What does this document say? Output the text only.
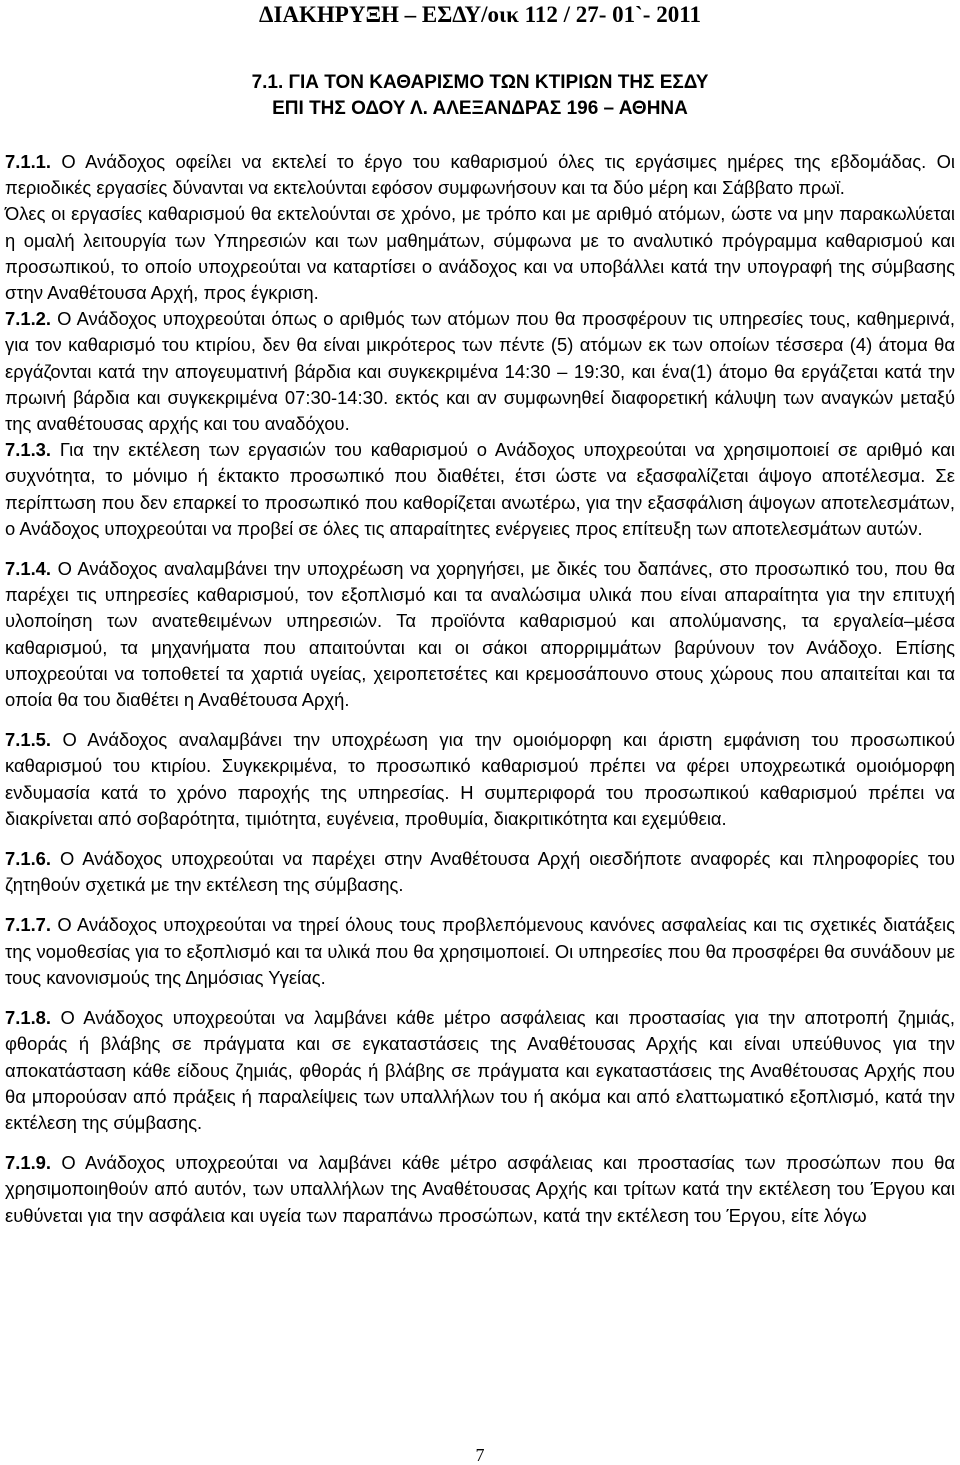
ΔΙΑΚΗΡΥΞΗ – ΕΣΔΥ/οικ 112 / 27- 01`- 2011
7.1. ΓΙΑ ΤΟΝ ΚΑΘΑΡΙΣΜΟ ΤΩΝ ΚΤΙΡΙΩΝ ΤΗΣ ΕΣΔΥ
ΕΠΙ ΤΗΣ ΟΔΟΥ Λ. ΑΛΕΞΑΝΔΡΑΣ 196 – ΑΘΗΝΑ

7.1.1. Ο Ανάδοχος οφείλει να εκτελεί το έργο του καθαρισμού όλες τις εργάσιμες ημέρες της εβδομάδας. Οι περιοδικές εργασίες δύνανται να εκτελούνται εφόσον συμφωνήσουν και τα δύο μέρη και Σάββατο πρωϊ.

Όλες οι εργασίες καθαρισμού θα εκτελούνται σε χρόνο, με τρόπο και με αριθμό ατόμων, ώστε να μην παρακωλύεται η ομαλή λειτουργία των Υπηρεσιών και των μαθημάτων, σύμφωνα με το αναλυτικό πρόγραμμα καθαρισμού και προσωπικού, το οποίο υποχρεούται να καταρτίσει ο ανάδοχος και να υποβάλλει κατά την υπογραφή της σύμβασης στην Αναθέτουσα Αρχή, προς έγκριση.

7.1.2. Ο Ανάδοχος υποχρεούται όπως ο αριθμός των ατόμων που θα προσφέρουν τις υπηρεσίες τους, καθημερινά, για τον καθαρισμό του κτιρίου, δεν θα είναι μικρότερος των πέντε (5) ατόμων εκ των οποίων τέσσερα (4) άτομα θα εργάζονται κατά την απογευματινή βάρδια και συγκεκριμένα 14:30 – 19:30, και ένα(1) άτομο θα εργάζεται κατά την πρωινή βάρδια και συγκεκριμένα 07:30-14:30. εκτός και αν συμφωνηθεί διαφορετική κάλυψη των αναγκών μεταξύ της αναθέτουσας αρχής και του αναδόχου.

7.1.3. Για την εκτέλεση των εργασιών του καθαρισμού ο Ανάδοχος υποχρεούται να χρησιμοποιεί σε αριθμό και συχνότητα, το μόνιμο ή έκτακτο προσωπικό που διαθέτει, έτσι ώστε να εξασφαλίζεται άψογο αποτέλεσμα. Σε περίπτωση που δεν επαρκεί το προσωπικό που καθορίζεται ανωτέρω, για την εξασφάλιση άψογων αποτελεσμάτων, ο Ανάδοχος υποχρεούται να προβεί σε όλες τις απαραίτητες ενέργειες προς επίτευξη των αποτελεσμάτων αυτών.

7.1.4. Ο Ανάδοχος αναλαμβάνει την υποχρέωση να χορηγήσει, με δικές του δαπάνες, στο προσωπικό του, που θα παρέχει τις υπηρεσίες καθαρισμού, τον εξοπλισμό και τα αναλώσιμα υλικά που είναι απαραίτητα για την επιτυχή υλοποίηση των ανατεθειμένων υπηρεσιών. Τα προϊόντα καθαρισμού και απολύμανσης, τα εργαλεία–μέσα καθαρισμού, τα μηχανήματα που απαιτούνται και οι σάκοι απορριμμάτων βαρύνουν τον Ανάδοχο. Επίσης υποχρεούται να τοποθετεί τα χαρτιά υγείας, χειροπετσέτες και κρεμοσάπουνο στους χώρους που απαιτείται και τα οποία θα του διαθέτει η Αναθέτουσα Αρχή.

7.1.5. Ο Ανάδοχος αναλαμβάνει την υποχρέωση για την ομοιόμορφη και άριστη εμφάνιση του προσωπικού καθαρισμού του κτιρίου. Συγκεκριμένα, το προσωπικό καθαρισμού πρέπει να φέρει υποχρεωτικά ομοιόμορφη ενδυμασία κατά το χρόνο παροχής της υπηρεσίας. Η συμπεριφορά του προσωπικού καθαρισμού πρέπει να διακρίνεται από σοβαρότητα, τιμιότητα, ευγένεια, προθυμία, διακριτικότητα και εχεμύθεια.

7.1.6. Ο Ανάδοχος υποχρεούται να παρέχει στην Αναθέτουσα Αρχή οιεσδήποτε αναφορές και πληροφορίες του ζητηθούν σχετικά με την εκτέλεση της σύμβασης.

7.1.7. Ο Ανάδοχος υποχρεούται να τηρεί όλους τους προβλεπόμενους κανόνες ασφαλείας και τις σχετικές διατάξεις της νομοθεσίας για το εξοπλισμό και τα υλικά που θα χρησιμοποιεί. Οι υπηρεσίες που θα προσφέρει θα συνάδουν με τους κανονισμούς της Δημόσιας Υγείας.

7.1.8. Ο Ανάδοχος υποχρεούται να λαμβάνει κάθε μέτρο ασφάλειας και προστασίας για την αποτροπή ζημιάς, φθοράς ή βλάβης σε πράγματα και σε εγκαταστάσεις της Αναθέτουσας Αρχής και είναι υπεύθυνος για την αποκατάσταση κάθε είδους ζημιάς, φθοράς ή βλάβης σε πράγματα και εγκαταστάσεις της Αναθέτουσας Αρχής που θα μπορούσαν από πράξεις ή παραλείψεις των υπαλλήλων του ή ακόμα και από ελαττωματικό εξοπλισμό, κατά την εκτέλεση της σύμβασης.

7.1.9. Ο Ανάδοχος υποχρεούται να λαμβάνει κάθε μέτρο ασφάλειας και προστασίας των προσώπων που θα χρησιμοποιηθούν από αυτόν, των υπαλλήλων της Αναθέτουσας Αρχής και τρίτων κατά την εκτέλεση του Έργου και ευθύνεται για την ασφάλεια και υγεία των παραπάνω προσώπων, κατά την εκτέλεση του Έργου, είτε λόγω

7
